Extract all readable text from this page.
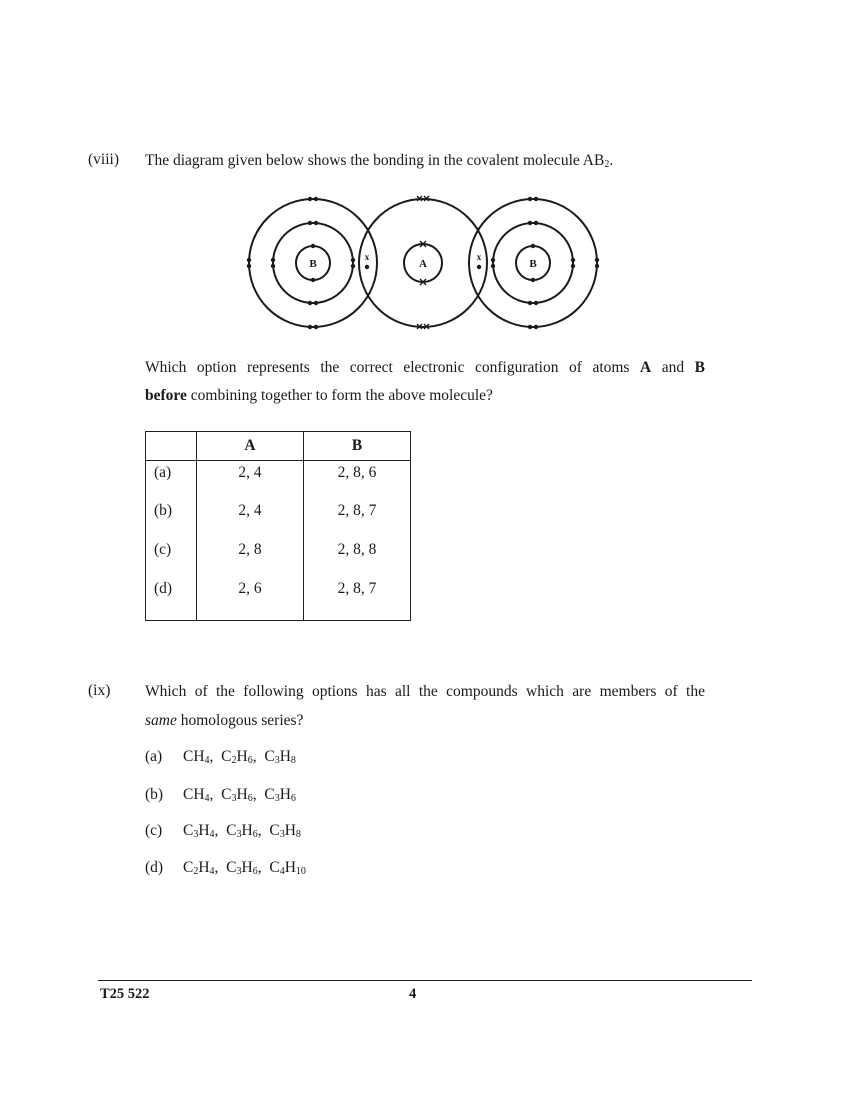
(viii) The diagram given below shows the bonding in the covalent molecule $AB_2$.
B	A	B
x	x
Which option represents the correct electronic configuration of atoms A and B
before combining together to form the above molecule?
	A	B
(a)	2, 4	2, 8, 6
(b)	2, 4	2, 8, 7
(c)	2, 8	2, 8, 8
(d)	2, 6	2, 8, 7
(ix) Which of the following options has all the compounds which are members of the
same homologous series?
(a) $CH_4$,  $C_2H_6$,  $C_3H_8$
(b) $CH_4$,  $C_3H_6$,  $C_3H_6$
(c) $C_3H_4$,  $C_3H_6$,  $C_3H_8$
(d) $C_2H_4$,  $C_3H_6$,  $C_4H_{10}$
T25 522	4
